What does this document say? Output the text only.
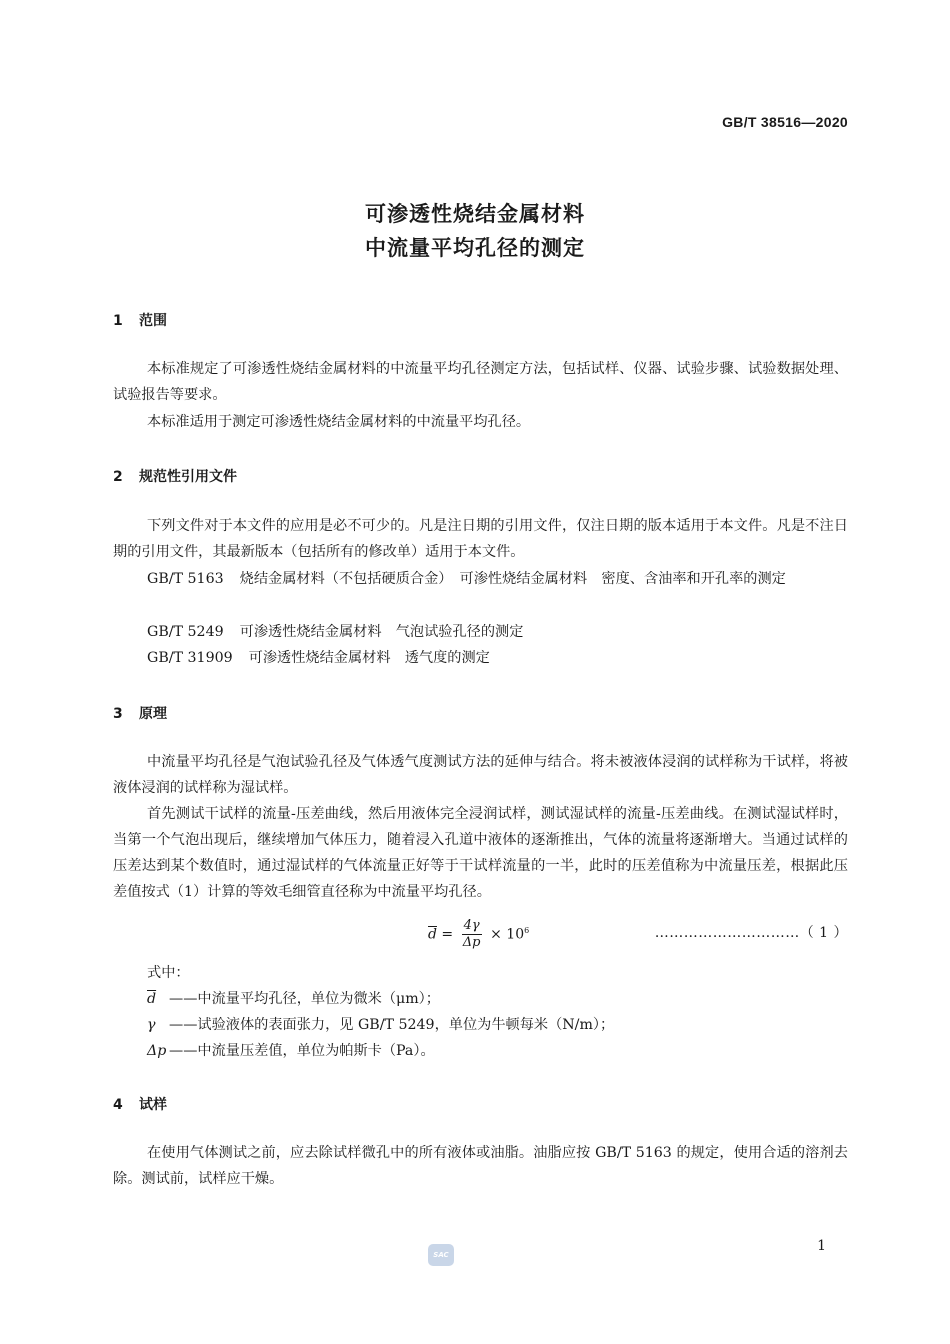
GB/T 38516—2020
可渗透性烧结金属材料
中流量平均孔径的测定
1 范围

本标准规定了可渗透性烧结金属材料的中流量平均孔径测定方法，包括试样、仪器、试验步骤、试验数据处理、试验报告等要求。

本标准适用于测定可渗透性烧结金属材料的中流量平均孔径。

2 规范性引用文件

下列文件对于本文件的应用是必不可少的。凡是注日期的引用文件，仅注日期的版本适用于本文件。凡是不注日期的引用文件，其最新版本（包括所有的修改单）适用于本文件。

GB/T 5163 烧结金属材料（不包括硬质合金）　可渗性烧结金属材料　密度、含油率和开孔率的测定

GB/T 5249 可渗透性烧结金属材料　气泡试验孔径的测定

GB/T 31909 可渗透性烧结金属材料　透气度的测定

3 原理

中流量平均孔径是气泡试验孔径及气体透气度测试方法的延伸与结合。将未被液体浸润的试样称为干试样，将被液体浸润的试样称为湿试样。

首先测试干试样的流量-压差曲线，然后用液体完全浸润试样，测试湿试样的流量-压差曲线。在测试湿试样时，当第一个气泡出现后，继续增加气体压力，随着浸入孔道中液体的逐渐推出，气体的流量将逐渐增大。当通过试样的压差达到某个数值时，通过湿试样的气体流量正好等于干试样流量的一半，此时的压差值称为中流量压差，根据此压差值按式（1）计算的等效毛细管直径称为中流量平均孔径。

$\overline{d} = \frac{4\gamma}{\Delta p} \times 10^6$	…………………………（ 1 ）
式中：
$\overline{d}$ ——中流量平均孔径，单位为微米（μm）；
γ ——试验液体的表面张力，见 GB/T 5249，单位为牛顿每米（N/m）；
Δp ——中流量压差值，单位为帕斯卡（Pa）。
4 试样

在使用气体测试之前，应去除试样微孔中的所有液体或油脂。油脂应按 GB/T 5163 的规定，使用合适的溶剂去除。测试前，试样应干燥。

1
SAC
